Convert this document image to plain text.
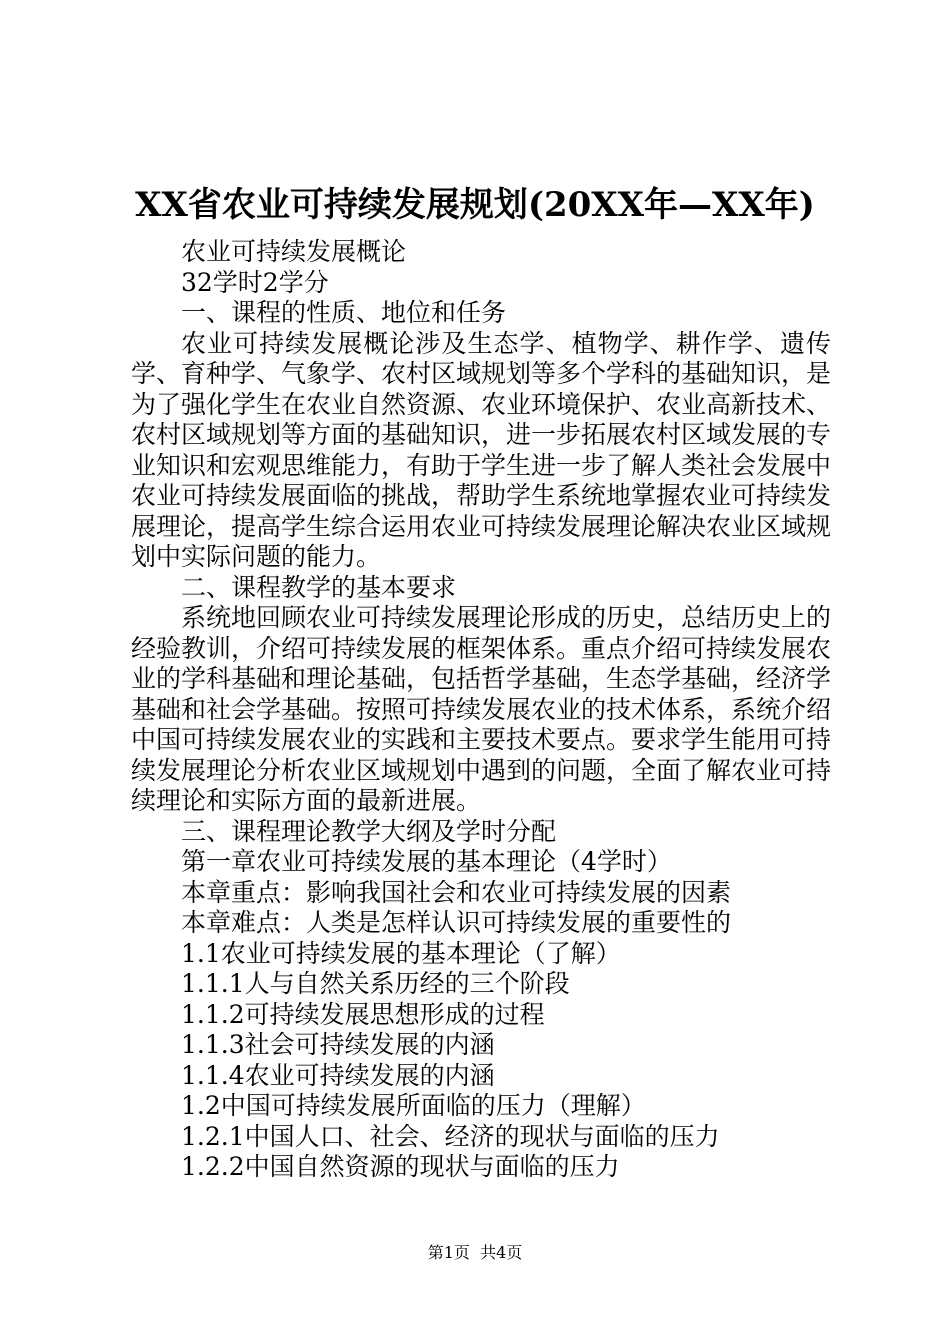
XX省农业可持续发展规划(20XX年—XX年)

农业可持续发展概论

32学时2学分

一、课程的性质、地位和任务

农业可持续发展概论涉及生态学、植物学、耕作学、遗传学、育种学、气象学、农村区域规划等多个学科的基础知识，是为了强化学生在农业自然资源、农业环境保护、农业高新技术、农村区域规划等方面的基础知识，进一步拓展农村区域发展的专业知识和宏观思维能力，有助于学生进一步了解人类社会发展中农业可持续发展面临的挑战，帮助学生系统地掌握农业可持续发展理论，提高学生综合运用农业可持续发展理论解决农业区域规划中实际问题的能力。

二、课程教学的基本要求

系统地回顾农业可持续发展理论形成的历史，总结历史上的经验教训，介绍可持续发展的框架体系。重点介绍可持续发展农业的学科基础和理论基础，包括哲学基础，生态学基础，经济学基础和社会学基础。按照可持续发展农业的技术体系，系统介绍中国可持续发展农业的实践和主要技术要点。要求学生能用可持续发展理论分析农业区域规划中遇到的问题，全面了解农业可持续理论和实际方面的最新进展。

三、课程理论教学大纲及学时分配

第一章农业可持续发展的基本理论（4学时）

本章重点：影响我国社会和农业可持续发展的因素

本章难点：人类是怎样认识可持续发展的重要性的

1.1农业可持续发展的基本理论（了解）

1.1.1人与自然关系历经的三个阶段

1.1.2可持续发展思想形成的过程

1.1.3社会可持续发展的内涵

1.1.4农业可持续发展的内涵

1.2中国可持续发展所面临的压力（理解）

1.2.1中国人口、社会、经济的现状与面临的压力

1.2.2中国自然资源的现状与面临的压力

第1页  共4页
